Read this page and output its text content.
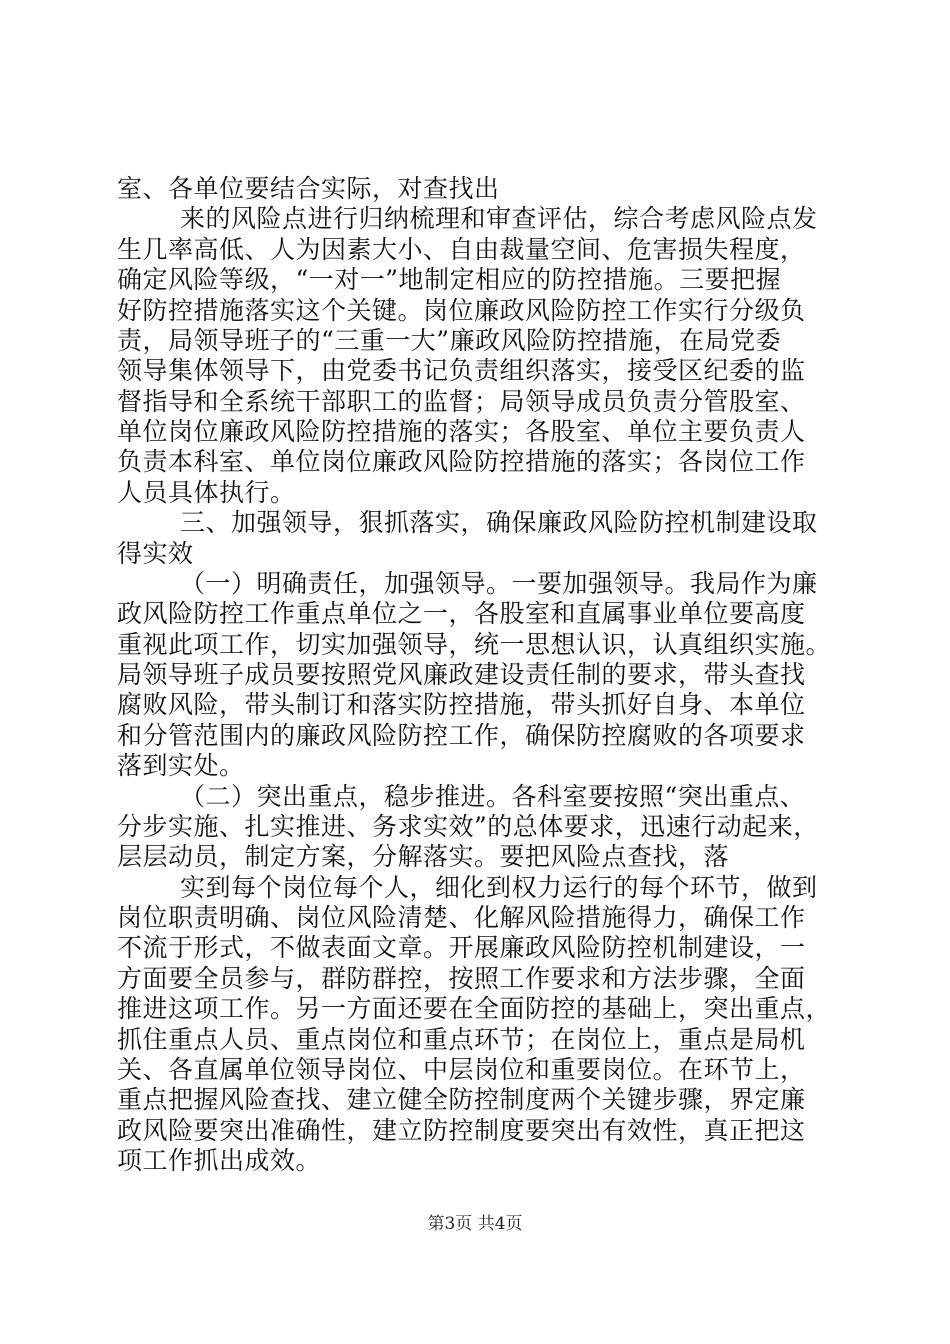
室、各单位要结合实际，对查找出
来的风险点进行归纳梳理和审查评估，综合考虑风险点发
生几率高低、人为因素大小、自由裁量空间、危害损失程度，
确定风险等级，“一对一”地制定相应的防控措施。三要把握
好防控措施落实这个关键。岗位廉政风险防控工作实行分级负
责，局领导班子的“三重一大”廉政风险防控措施，在局党委
领导集体领导下，由党委书记负责组织落实，接受区纪委的监
督指导和全系统干部职工的监督；局领导成员负责分管股室、
单位岗位廉政风险防控措施的落实；各股室、单位主要负责人
负责本科室、单位岗位廉政风险防控措施的落实；各岗位工作
人员具体执行。
三、加强领导，狠抓落实，确保廉政风险防控机制建设取
得实效
（一）明确责任，加强领导。一要加强领导。我局作为廉
政风险防控工作重点单位之一，各股室和直属事业单位要高度
重视此项工作，切实加强领导，统一思想认识，认真组织实施。
局领导班子成员要按照党风廉政建设责任制的要求，带头查找
腐败风险，带头制订和落实防控措施，带头抓好自身、本单位
和分管范围内的廉政风险防控工作，确保防控腐败的各项要求
落到实处。
（二）突出重点，稳步推进。各科室要按照“突出重点、
分步实施、扎实推进、务求实效”的总体要求，迅速行动起来，
层层动员，制定方案，分解落实。要把风险点查找，落
实到每个岗位每个人，细化到权力运行的每个环节，做到
岗位职责明确、岗位风险清楚、化解风险措施得力，确保工作
不流于形式，不做表面文章。开展廉政风险防控机制建设，一
方面要全员参与，群防群控，按照工作要求和方法步骤，全面
推进这项工作。另一方面还要在全面防控的基础上，突出重点，
抓住重点人员、重点岗位和重点环节；在岗位上，重点是局机
关、各直属单位领导岗位、中层岗位和重要岗位。在环节上，
重点把握风险查找、建立健全防控制度两个关键步骤，界定廉
政风险要突出准确性，建立防控制度要突出有效性，真正把这
项工作抓出成效。
第3页 共4页
